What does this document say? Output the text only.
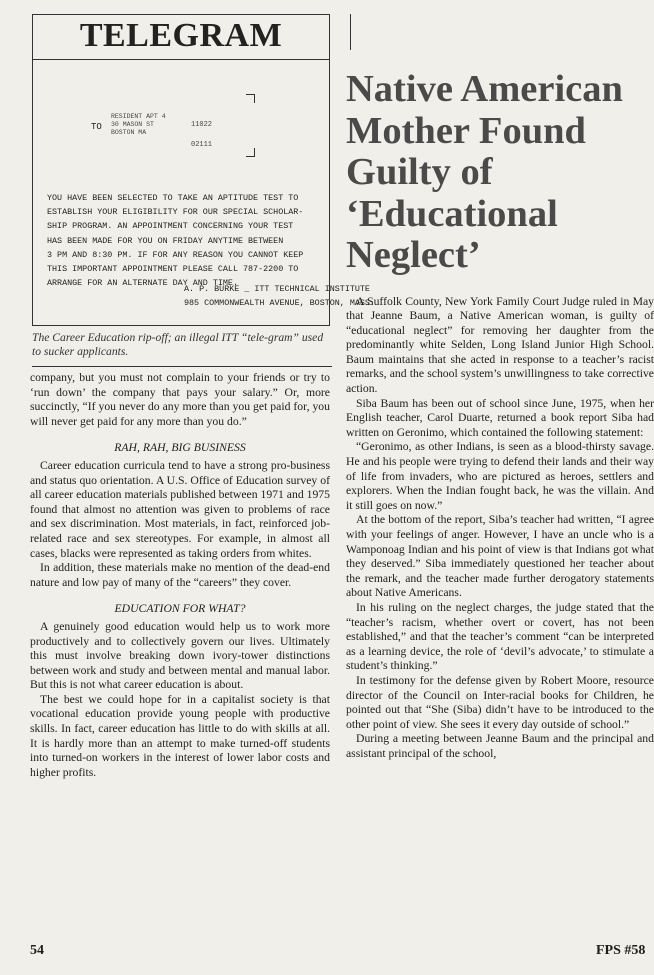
TELEGRAM
TO
RESIDENT APT 4
30 MASON ST
BOSTON MA
11022
02111
YOU HAVE BEEN SELECTED TO TAKE AN APTITUDE TEST TO
ESTABLISH YOUR ELIGIBILITY FOR OUR SPECIAL SCHOLAR-
SHIP PROGRAM. AN APPOINTMENT CONCERNING YOUR TEST
HAS BEEN MADE FOR YOU ON FRIDAY ANYTIME BETWEEN
3 PM AND 8:30 PM. IF FOR ANY REASON YOU CANNOT KEEP
THIS IMPORTANT APPOINTMENT PLEASE CALL 787-2200 TO
ARRANGE FOR AN ALTERNATE DAY AND TIME.
A. P. BURKE _ ITT TECHNICAL INSTITUTE
985 COMMONWEALTH AVENUE, BOSTON, MASS.
The Career Education rip-off; an illegal ITT “tele-gram” used to sucker applicants.

company, but you must not complain to your friends or try to ‘run down’ the company that pays your salary.” Or, more succinctly, “If you never do any more than you get paid for, you will never get paid for any more than you do.”

RAH, RAH, BIG BUSINESS

Career education curricula tend to have a strong pro-business and status quo orientation. A U.S. Office of Education survey of all career education materials published between 1971 and 1975 found that almost no attention was given to problems of race and sex discrimination. Most materials, in fact, reinforced job-related race and sex stereotypes. For example, in almost all cases, blacks were represented as taking orders from whites.

In addition, these materials make no mention of the dead-end nature and low pay of many of the “careers” they cover.

EDUCATION FOR WHAT?

A genuinely good education would help us to work more productively and to collectively govern our lives. Ultimately this must involve breaking down ivory-tower distinctions between work and study and between mental and manual labor. But this is not what career education is about.

The best we could hope for in a capitalist society is that vocational education provide young people with productive skills. In fact, career education has little to do with skills at all. It is hardly more than an attempt to make turned-off students into turned-on workers in the interest of lower labor costs and higher profits.

Native American
Mother Found
Guilty of
‘Educational
Neglect’

A Suffolk County, New York Family Court Judge ruled in May that Jeanne Baum, a Native American woman, is guilty of “educational neglect” for removing her daughter from the predominantly white Selden, Long Island Junior High School. Baum maintains that she acted in response to a teacher’s racist remarks, and the school system’s unwillingness to take corrective action.

Siba Baum has been out of school since June, 1975, when her English teacher, Carol Duarte, returned a book report Siba had written on Geronimo, which contained the following statement:

“Geronimo, as other Indians, is seen as a blood-thirsty savage. He and his people were trying to defend their lands and their way of life from invaders, who are pictured as heroes, settlers and explorers. When the Indian fought back, he was the villain. And it still goes on now.”

At the bottom of the report, Siba’s teacher had written, “I agree with your feelings of anger. However, I have an uncle who is a Wamponoag Indian and his point of view is that Indians got what they deserved.” Siba immediately questioned her teacher about the remark, and the teacher made further derogatory statements about Native Americans.

In his ruling on the neglect charges, the judge stated that the “teacher’s racism, whether overt or covert, has not been established,” and that the teacher’s comment “can be interpreted as a learning device, the role of ‘devil’s advocate,’ to stimulate a student’s thinking.”

In testimony for the defense given by Robert Moore, resource director of the Council on Inter-racial books for Children, he pointed out that “She (Siba) didn’t have to be introduced to the other point of view. She sees it every day outside of school.”

During a meeting between Jeanne Baum and the principal and assistant principal of the school,

54	FPS #58
